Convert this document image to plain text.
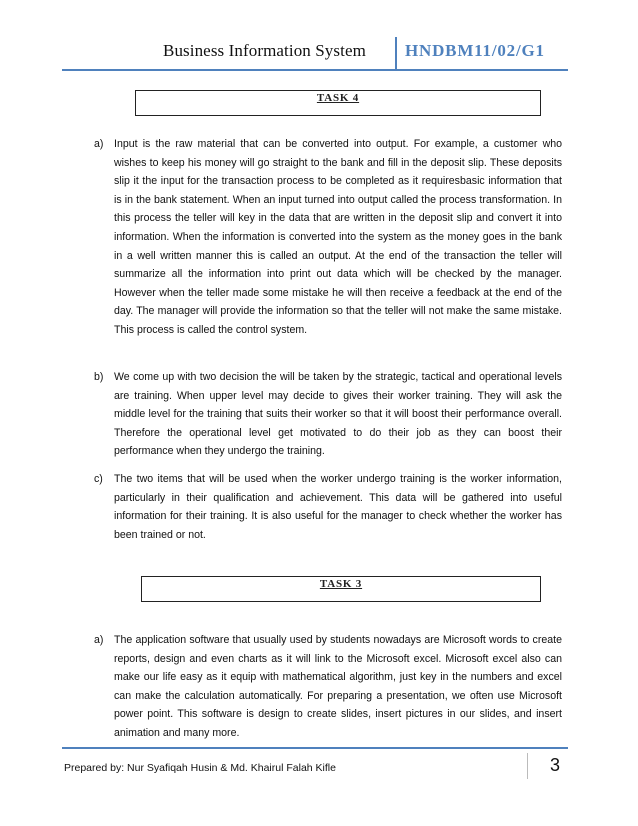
Business Information System HNDBM11/02/G1
TASK 4
a) Input is the raw material that can be converted into output. For example, a customer who wishes to keep his money will go straight to the bank and fill in the deposit slip. These deposits slip it the input for the transaction process to be completed as it requiresbasic information that is in the bank statement. When an input turned into output called the process transformation. In this process the teller will key in the data that are written in the deposit slip and convert it into information. When the information is converted into the system as the money goes in the bank in a well written manner this is called an output. At the end of the transaction the teller will summarize all the information into print out data which will be checked by the manager. However when the teller made some mistake he will then receive a feedback at the end of the day. The manager will provide the information so that the teller will not make the same mistake. This process is called the control system.

b) We come up with two decision the will be taken by the strategic, tactical and operational levels are training. When upper level may decide to gives their worker training. They will ask the middle level for the training that suits their worker so that it will boost their performance overall. Therefore the operational level get motivated to do their job as they can boost their performance when they undergo the training.

c) The two items that will be used when the worker undergo training is the worker information, particularly in their qualification and achievement. This data will be gathered into useful information for their training. It is also useful for the manager to check whether the worker has been trained or not.

TASK 3
a) The application software that usually used by students nowadays are Microsoft words to create reports, design and even charts as it will link to the Microsoft excel. Microsoft excel also can make our life easy as it equip with mathematical algorithm, just key in the numbers and excel can make the calculation automatically. For preparing a presentation, we often use Microsoft power point. This software is design to create slides, insert pictures in our slides, and insert animation and many more.

Prepared by: Nur Syafiqah Husin & Md. Khairul Falah Kifle	3
